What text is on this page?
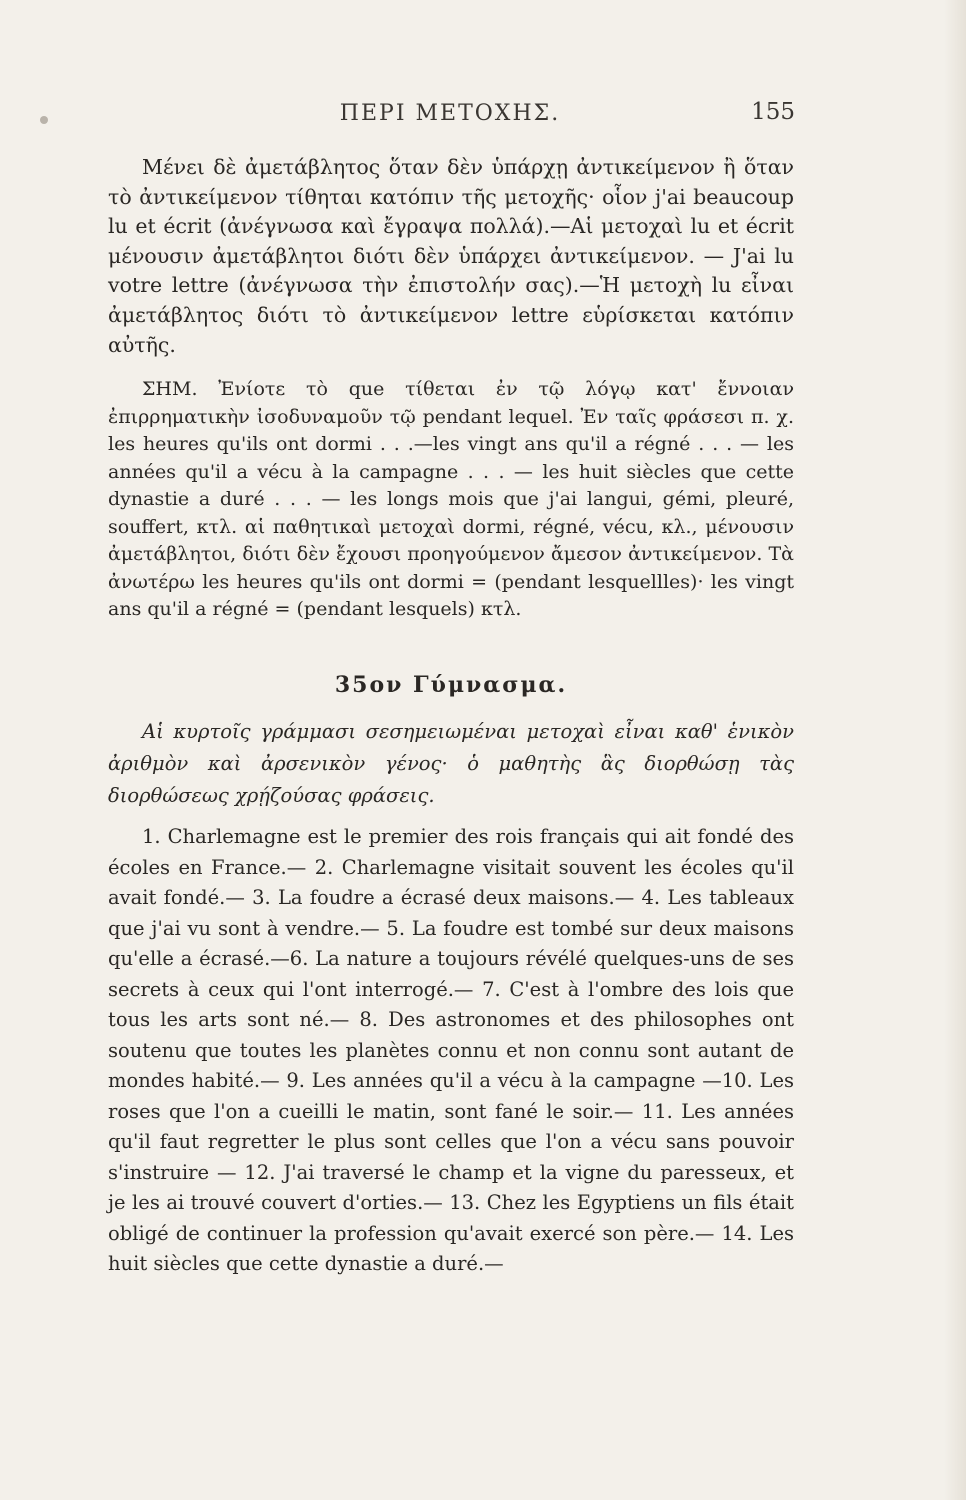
ΠΕΡΙ ΜΕΤΟΧΗΣ.	155

Μένει δὲ ἀμετάβλητος ὅταν δὲν ὑπάρχῃ ἀντικείμενον ἢ ὅταν τὸ ἀντικείμενον τίθηται κατόπιν τῆς μετοχῆς· οἷον j'ai beaucoup lu et écrit (ἀνέγνωσα καὶ ἔγραψα πολλά).—Αἱ μετοχαὶ lu et écrit μένουσιν ἀμετάβλητοι διότι δὲν ὑπάρχει ἀντικείμενον. — J'ai lu votre lettre (ἀνέγνωσα τὴν ἐπιστολήν σας).—Ἡ μετοχὴ lu εἶναι ἀμετάβλητος διότι τὸ ἀντικείμενον lettre εὑρίσκεται κατόπιν αὐτῆς.

ΣΗΜ. Ἐνίοτε τὸ que τίθεται ἐν τῷ λόγῳ κατ' ἔννοιαν ἐπιρρηματικὴν ἰσοδυναμοῦν τῷ pendant lequel. Ἐν ταῖς φράσεσι π. χ. les heures qu'ils ont dormi . . .—les vingt ans qu'il a régné . . . — les années qu'il a vécu à la campagne . . . — les huit siècles que cette dynastie a duré . . . — les longs mois que j'ai langui, gémi, pleuré, souffert, κτλ. αἱ παθητικαὶ μετοχαὶ dormi, régné, vécu, κλ., μένουσιν ἀμετάβλητοι, διότι δὲν ἔχουσι προηγούμενον ἄμεσον ἀντικείμενον. Τὰ ἀνωτέρω les heures qu'ils ont dormi = (pendant lesquellles)· les vingt ans qu'il a régné = (pendant lesquels) κτλ.

35ον Γύμνασμα.

Αἱ κυρτοῖς γράμμασι σεσημειωμέναι μετοχαὶ εἶναι καθ' ἑνικὸν ἀριθμὸν καὶ ἀρσενικὸν γένος· ὁ μαθητὴς ἃς διορθώσῃ τὰς διορθώσεως χρῄζούσας φράσεις.

1. Charlemagne est le premier des rois français qui ait fondé des écoles en France.— 2. Charlemagne visitait souvent les écoles qu'il avait fondé.— 3. La foudre a écrasé deux maisons.— 4. Les tableaux que j'ai vu sont à vendre.— 5. La foudre est tombé sur deux maisons qu'elle a écrasé.—6. La nature a toujours révélé quelques-uns de ses secrets à ceux qui l'ont interrogé.— 7. C'est à l'ombre des lois que tous les arts sont né.— 8. Des astronomes et des philosophes ont soutenu que toutes les planètes connu et non connu sont autant de mondes habité.— 9. Les années qu'il a vécu à la campagne —10. Les roses que l'on a cueilli le matin, sont fané le soir.— 11. Les années qu'il faut regretter le plus sont celles que l'on a vécu sans pouvoir s'instruire — 12. J'ai traversé le champ et la vigne du paresseux, et je les ai trouvé couvert d'orties.— 13. Chez les Egyptiens un fils était obligé de continuer la profession qu'avait exercé son père.— 14. Les huit siècles que cette dynastie a duré.—
